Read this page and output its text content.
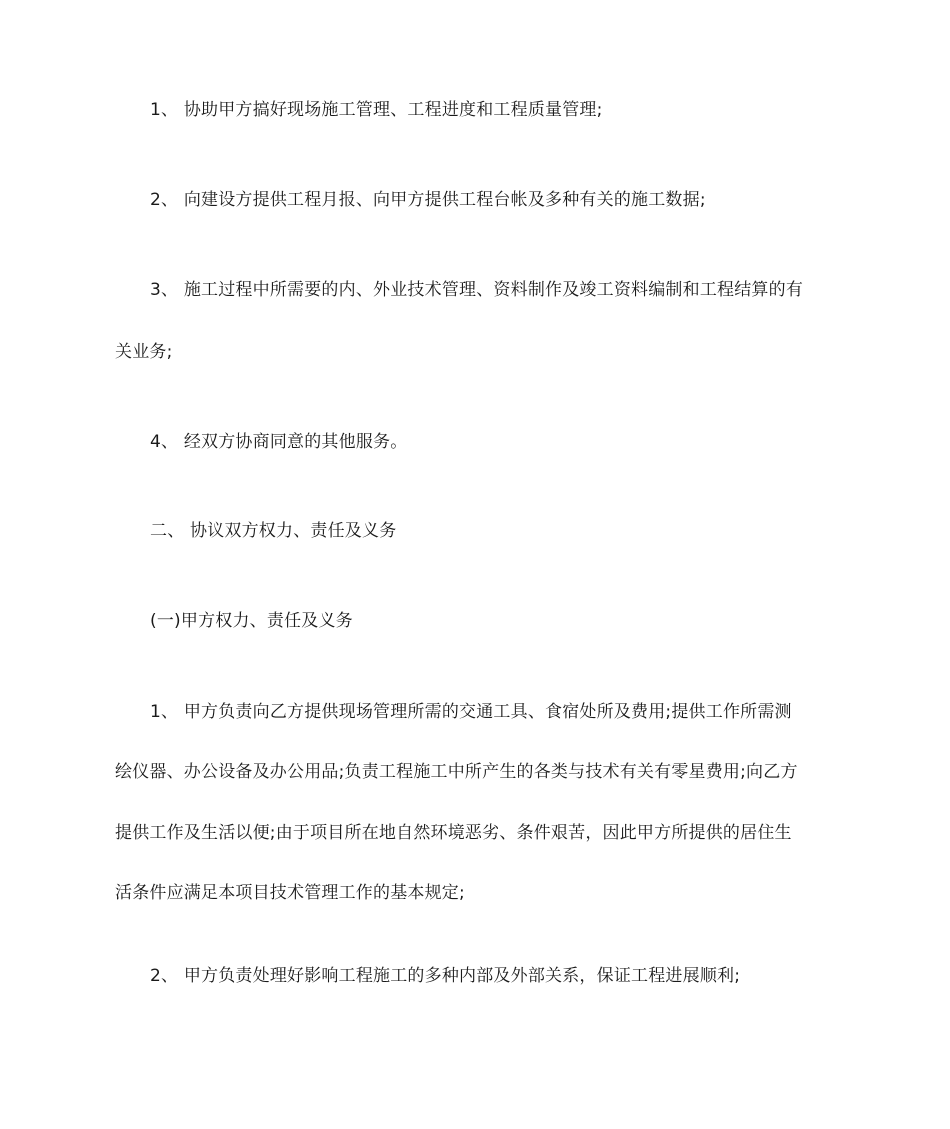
1、 协助甲方搞好现场施工管理、工程进度和工程质量管理;
2、 向建设方提供工程月报、向甲方提供工程台帐及多种有关的施工数据;
3、 施工过程中所需要的内、外业技术管理、资料制作及竣工资料编制和工程结算的有
关业务;
4、 经双方协商同意的其他服务。
二、 协议双方权力、责任及义务
(一)甲方权力、责任及义务
1、 甲方负责向乙方提供现场管理所需的交通工具、食宿处所及费用;提供工作所需测
绘仪器、办公设备及办公用品;负责工程施工中所产生的各类与技术有关有零星费用;向乙方
提供工作及生活以便;由于项目所在地自然环境恶劣、条件艰苦，因此甲方所提供的居住生
活条件应满足本项目技术管理工作的基本规定;
2、 甲方负责处理好影响工程施工的多种内部及外部关系，保证工程进展顺利;
